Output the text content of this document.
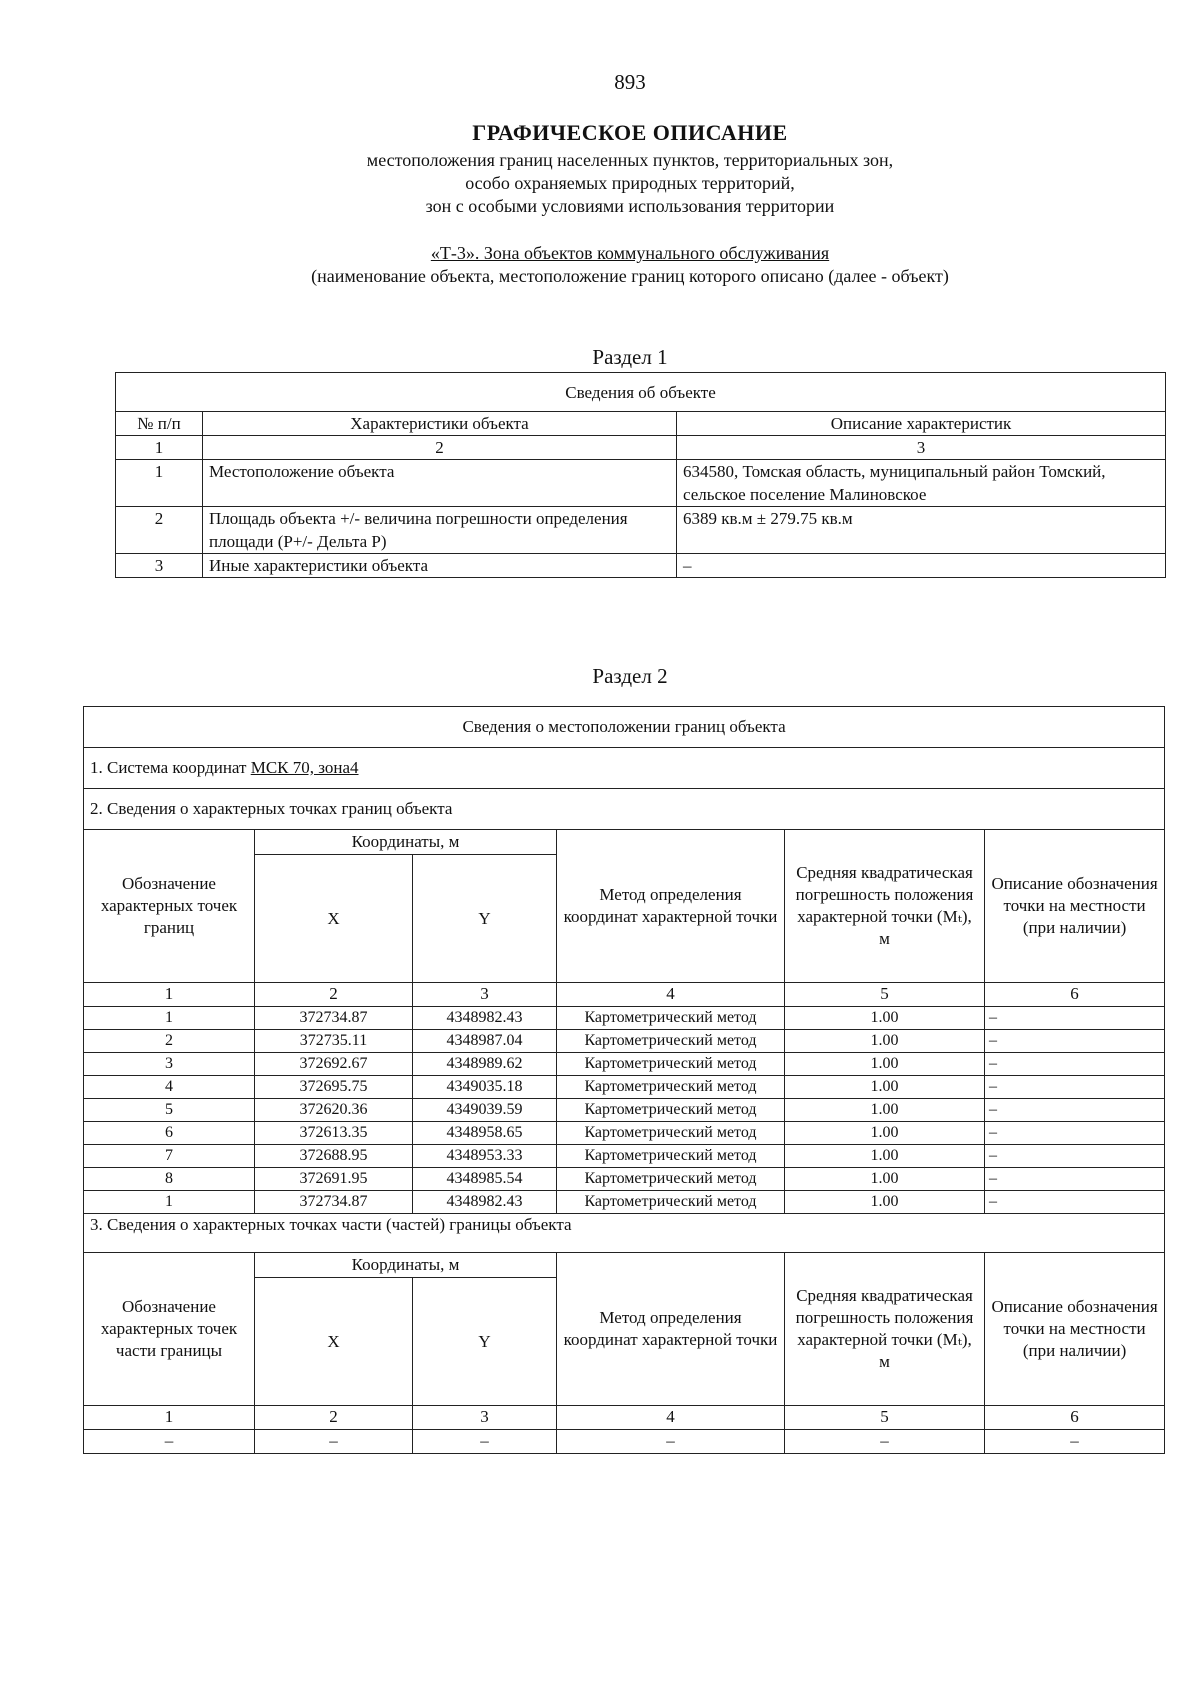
893
ГРАФИЧЕСКОЕ ОПИСАНИЕ
местоположения границ населенных пунктов, территориальных зон,
особо охраняемых природных территорий,
зон с особыми условиями использования территории
«Т-3». Зона объектов коммунального обслуживания
(наименование объекта, местоположение границ которого описано (далее - объект)
Раздел 1
Сведения об объекте		
№ п/п	Характеристики объекта	Описание характеристик
1	2	3
1	Местоположение объекта	634580, Томская область, муниципальный район Томский, сельское поселение Малиновское
2	Площадь объекта +/- величина погрешности определения площади (Р+/- Дельта Р)	6389 кв.м ± 279.75 кв.м
3	Иные характеристики объекта	–
Раздел 2
Сведения о местоположении границ объекта					
1. Система координат МСК 70, зона4					
2. Сведения о характерных точках границ объекта					
Обозначение характерных точек границ	Координаты, м		Метод определения координат характерной точки	Средняя квадратическая погрешность положения характерной точки (Mₜ), м	Описание обозначения точки на местности (при наличии)
	X	Y			
1	2	3	4	5	6
1	372734.87	4348982.43	Картометрический метод	1.00	–
2	372735.11	4348987.04	Картометрический метод	1.00	–
3	372692.67	4348989.62	Картометрический метод	1.00	–
4	372695.75	4349035.18	Картометрический метод	1.00	–
5	372620.36	4349039.59	Картометрический метод	1.00	–
6	372613.35	4348958.65	Картометрический метод	1.00	–
7	372688.95	4348953.33	Картометрический метод	1.00	–
8	372691.95	4348985.54	Картометрический метод	1.00	–
1	372734.87	4348982.43	Картометрический метод	1.00	–
3. Сведения о характерных точках части (частей) границы объекта					
Обозначение характерных точек части границы	Координаты, м		Метод определения координат характерной точки	Средняя квадратическая погрешность положения характерной точки (Mₜ), м	Описание обозначения точки на местности (при наличии)
	X	Y			
1	2	3	4	5	6
–	–	–	–	–	–
